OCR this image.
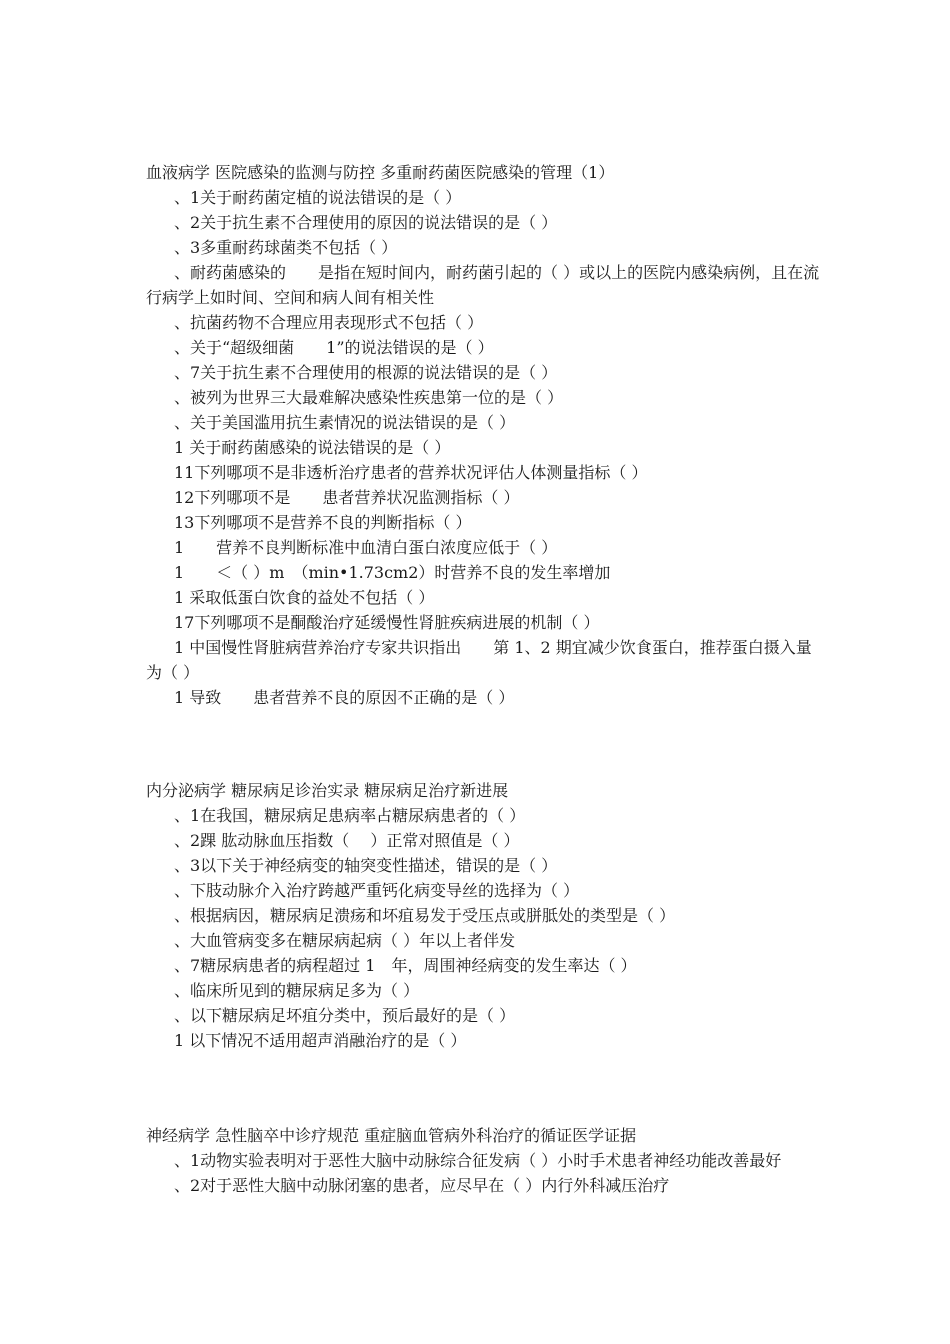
血液病学 医院感染的监测与防控 多重耐药菌医院感染的管理（1）
、1关于耐药菌定植的说法错误的是（ ）
、2关于抗生素不合理使用的原因的说法错误的是（ ）
、3多重耐药球菌类不包括（ ）
、耐药菌感染的　　是指在短时间内，耐药菌引起的（ ）或以上的医院内感染病例，且在流行病学上如时间、空间和病人间有相关性
、抗菌药物不合理应用表现形式不包括（ ）
、关于“超级细菌　　1”的说法错误的是（ ）
、7关于抗生素不合理使用的根源的说法错误的是（ ）
、被列为世界三大最难解决感染性疾患第一位的是（ ）
、关于美国滥用抗生素情况的说法错误的是（ ）
1 关于耐药菌感染的说法错误的是（ ）
11下列哪项不是非透析治疗患者的营养状况评估人体测量指标（ ）
12下列哪项不是　　患者营养状况监测指标（ ）
13下列哪项不是营养不良的判断指标（ ）
1　　营养不良判断标准中血清白蛋白浓度应低于（ ）
1　　＜（ ）m　（min•1.73cm2）时营养不良的发生率增加
1 采取低蛋白饮食的益处不包括（ ）
17下列哪项不是酮酸治疗延缓慢性肾脏疾病进展的机制（ ）
1 中国慢性肾脏病营养治疗专家共识指出　　第 1、2 期宜减少饮食蛋白，推荐蛋白摄入量为（ ）
1 导致　　患者营养不良的原因不正确的是（ ）
内分泌病学 糖尿病足诊治实录 糖尿病足治疗新进展
、1在我国，糖尿病足患病率占糖尿病患者的（ ）
、2踝 肱动脉血压指数（　 ）正常对照值是（ ）
、3以下关于神经病变的轴突变性描述，错误的是（ ）
、下肢动脉介入治疗跨越严重钙化病变导丝的选择为（ ）
、根据病因，糖尿病足溃疡和坏疽易发于受压点或胼胝处的类型是（ ）
、大血管病变多在糖尿病起病（ ）年以上者伴发
、7糖尿病患者的病程超过 1　年，周围神经病变的发生率达（ ）
、临床所见到的糖尿病足多为（ ）
、以下糖尿病足坏疽分类中，预后最好的是（ ）
1 以下情况不适用超声消融治疗的是（ ）
神经病学 急性脑卒中诊疗规范 重症脑血管病外科治疗的循证医学证据
、1动物实验表明对于恶性大脑中动脉综合征发病（ ）小时手术患者神经功能改善最好
、2对于恶性大脑中动脉闭塞的患者，应尽早在（ ）内行外科减压治疗
